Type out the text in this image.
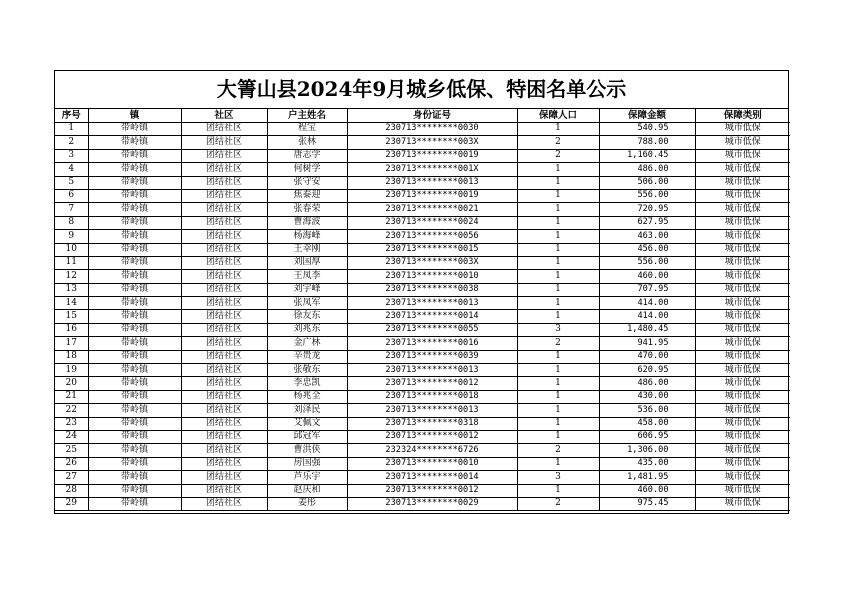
大箐山县2024年9月城乡低保、特困名单公示
序号	镇	社区	户主姓名	身份证号	保障人口	保障金额	保障类别
1	带岭镇	团结社区	程宝	230713********0030	1	540.95	城市低保
2	带岭镇	团结社区	张林	230713********003X	2	788.00	城市低保
3	带岭镇	团结社区	唐志学	230713********0019	2	1,160.45	城市低保
4	带岭镇	团结社区	何树学	230713********001X	1	486.00	城市低保
5	带岭镇	团结社区	张守安	230713********0013	1	506.00	城市低保
6	带岭镇	团结社区	焦泰迎	230713********0019	1	556.00	城市低保
7	带岭镇	团结社区	张春荣	230713********0021	1	720.95	城市低保
8	带岭镇	团结社区	曹海波	230713********0024	1	627.95	城市低保
9	带岭镇	团结社区	杨海峰	230713********0056	1	463.00	城市低保
10	带岭镇	团结社区	王幸刚	230713********0015	1	456.00	城市低保
11	带岭镇	团结社区	刘国厚	230713********003X	1	556.00	城市低保
12	带岭镇	团结社区	王凤李	230713********0010	1	460.00	城市低保
13	带岭镇	团结社区	刘宇峰	230713********0038	1	707.95	城市低保
14	带岭镇	团结社区	张凤军	230713********0013	1	414.00	城市低保
15	带岭镇	团结社区	徐友东	230713********0014	1	414.00	城市低保
16	带岭镇	团结社区	刘兆东	230713********0055	3	1,480.45	城市低保
17	带岭镇	团结社区	金广林	230713********0016	2	941.95	城市低保
18	带岭镇	团结社区	辛贵龙	230713********0039	1	470.00	城市低保
19	带岭镇	团结社区	张敬东	230713********0013	1	620.95	城市低保
20	带岭镇	团结社区	李忠凯	230713********0012	1	486.00	城市低保
21	带岭镇	团结社区	杨兆全	230713********0018	1	430.00	城市低保
22	带岭镇	团结社区	刘泽民	230713********0013	1	536.00	城市低保
23	带岭镇	团结社区	艾佩文	230713********0318	1	458.00	城市低保
24	带岭镇	团结社区	邱冠军	230713********0012	1	606.95	城市低保
25	带岭镇	团结社区	曹洪侠	232324********6726	2	1,306.00	城市低保
26	带岭镇	团结社区	房国强	230713********0010	1	435.00	城市低保
27	带岭镇	团结社区	芦乐宇	230713********0014	3	1,481.95	城市低保
28	带岭镇	团结社区	赵庆和	230713********0012	1	460.00	城市低保
29	带岭镇	团结社区	姜彤	230713********0029	2	975.45	城市低保
